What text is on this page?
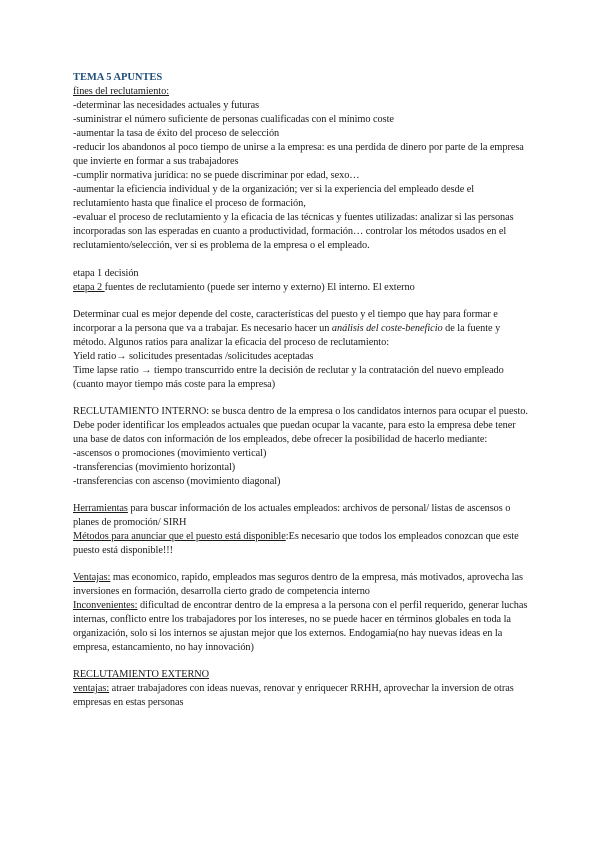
TEMA 5 APUNTES

fines del reclutamiento:

-determinar las necesidades actuales y futuras

-suministrar el número suficiente de personas cualificadas con el mínimo coste

-aumentar la tasa de éxito del proceso de selección

-reducir los abandonos al poco tiempo de unirse a la empresa: es una perdida de dinero por parte de la empresa que invierte en formar a sus trabajadores

-cumplir normativa jurídica: no se puede discriminar por edad, sexo…

-aumentar la eficiencia individual y de la organización; ver si la experiencia del empleado desde el reclutamiento hasta que finalice el proceso de formación,

-evaluar el proceso de reclutamiento y la eficacia de las técnicas y fuentes utilizadas: analizar si las personas incorporadas son las esperadas en cuanto a productividad, formación… controlar los métodos usados en el reclutamiento/selección, ver si es problema de la empresa o el empleado.

etapa 1 decisión

etapa 2 fuentes de reclutamiento (puede ser interno y externo) El interno. El externo

Determinar cual es mejor depende del coste, características del puesto y el tiempo que hay para formar e incorporar a la persona que va a trabajar. Es necesario hacer un análisis del coste-beneficio de la fuente y método. Algunos ratios para analizar la eficacia del proceso de reclutamiento:

Yield ratio→ solicitudes presentadas /solicitudes aceptadas

Time lapse ratio → tiempo transcurrido entre la decisión de reclutar y la contratación del nuevo empleado (cuanto mayor tiempo más coste para la empresa)

RECLUTAMIENTO INTERNO: se busca dentro de la empresa o los candidatos internos para ocupar el puesto. Debe poder identificar los empleados actuales que puedan ocupar la vacante, para esto la empresa debe tener una base de datos con información de los empleados, debe ofrecer la posibilidad de hacerlo mediante:

-ascensos o promociones (movimiento vertical)

-transferencias (movimiento horizontal)

-transferencias con ascenso (movimiento diagonal)

Herramientas para buscar información de los actuales empleados: archivos de personal/ listas de ascensos o planes de promoción/ SIRH

Métodos para anunciar que el puesto está disponible:Es necesario que todos los empleados conozcan que este puesto está disponible!!!

Ventajas: mas economico, rapido, empleados mas seguros dentro de la empresa, más motivados, aprovecha las inversiones en formación, desarrolla cierto grado de competencia interno

Inconvenientes: dificultad de encontrar dentro de la empresa a la persona con el perfil requerido, generar luchas internas, conflicto entre los trabajadores por los intereses, no se puede hacer en términos globales en toda la organización, solo si los internos se ajustan mejor que los externos. Endogamia(no hay nuevas ideas en la empresa, estancamiento, no hay innovación)

RECLUTAMIENTO EXTERNO

ventajas: atraer trabajadores con ideas nuevas, renovar y enriquecer RRHH, aprovechar la inversion de otras empresas en estas personas
